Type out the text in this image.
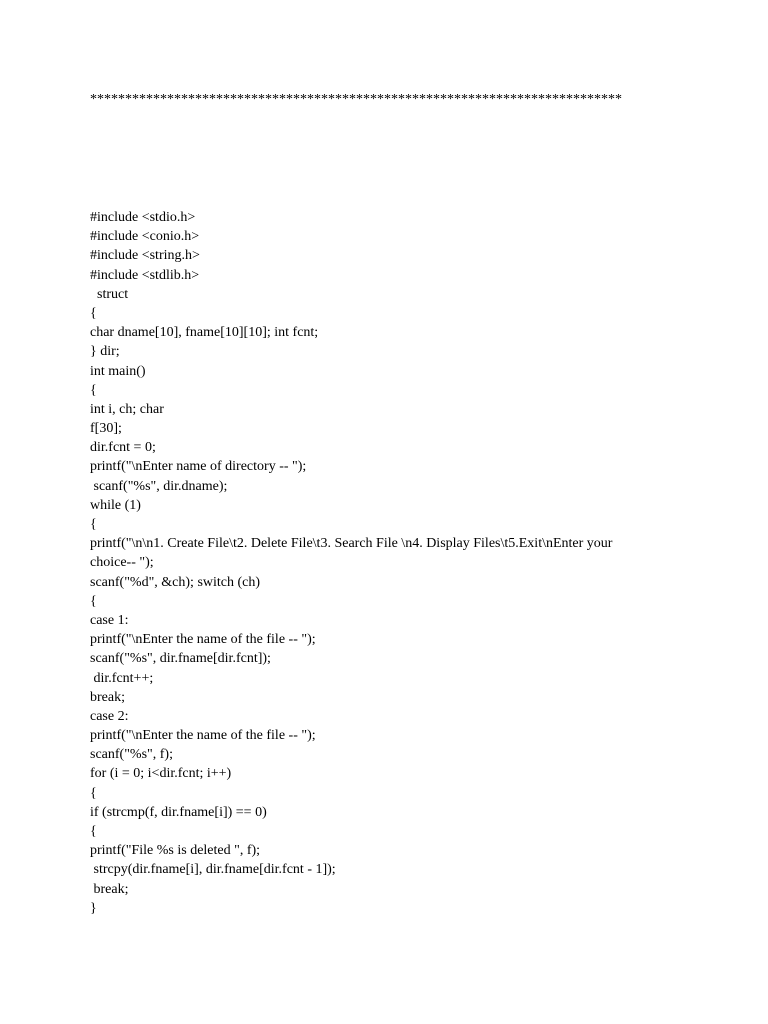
****************************************************************************
#include <stdio.h>
#include <conio.h>
#include <string.h>
#include <stdlib.h>
struct
{
char dname[10], fname[10][10]; int fcnt;
} dir;
int main()
{
int i, ch; char
f[30];
dir.fcnt = 0;
printf("\nEnter name of directory -- ");
scanf("%s", dir.dname);
while (1)
{
printf("\n\n1. Create File\t2. Delete File\t3. Search File \n4. Display Files\t5.Exit\nEnter your
choice-- ");
scanf("%d", &ch); switch (ch)
{
case 1:
printf("\nEnter the name of the file -- ");
scanf("%s", dir.fname[dir.fcnt]);
dir.fcnt++;
break;
case 2:
printf("\nEnter the name of the file -- ");
scanf("%s", f);
for (i = 0; i<dir.fcnt; i++)
{
if (strcmp(f, dir.fname[i]) == 0)
{
printf("File %s is deleted ", f);
strcpy(dir.fname[i], dir.fname[dir.fcnt - 1]);
break;
}
